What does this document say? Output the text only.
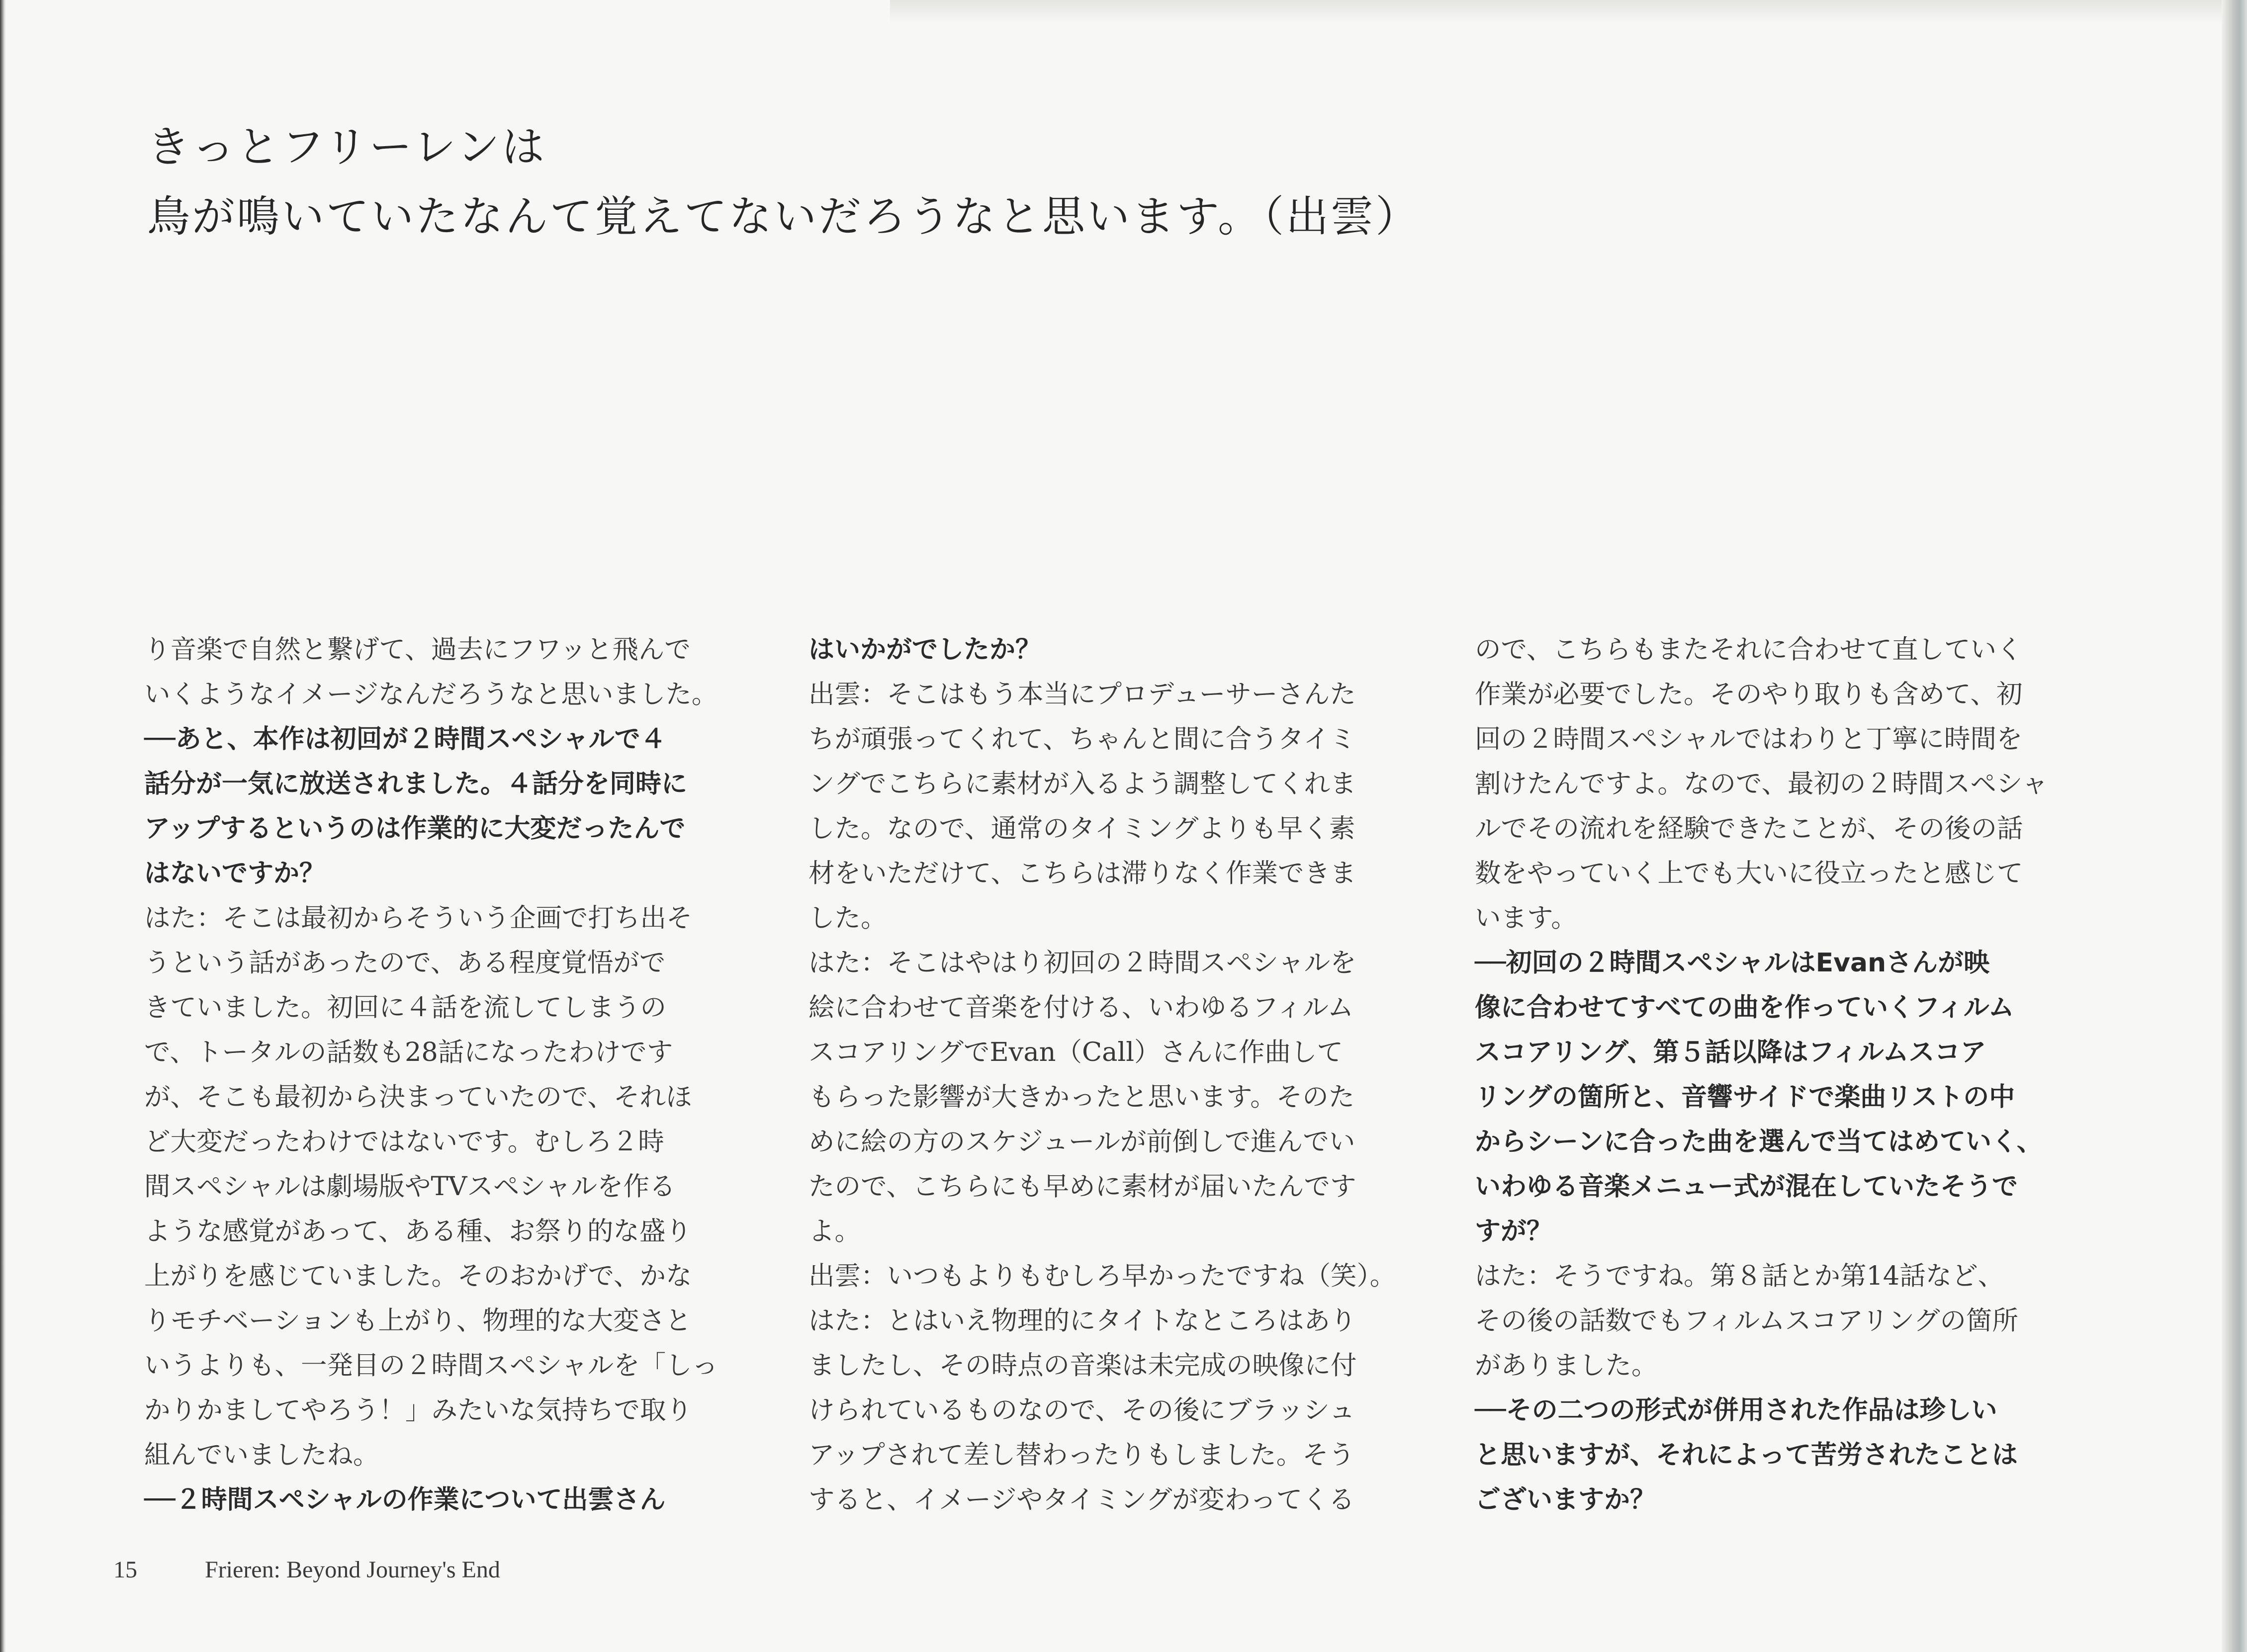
きっとフリーレンは
鳥が鳴いていたなんて覚えてないだろうなと思います。（出雲）

り音楽で自然と繋げて、過去にフワッと飛んで

いくようなイメージなんだろうなと思いました。

──あと、本作は初回が２時間スペシャルで４

話分が一気に放送されました。４話分を同時に

アップするというのは作業的に大変だったんで

はないですか？

はた：そこは最初からそういう企画で打ち出そ

うという話があったので、ある程度覚悟がで

きていました。初回に４話を流してしまうの

で、トータルの話数も28話になったわけです

が、そこも最初から決まっていたので、それほ

ど大変だったわけではないです。むしろ２時

間スペシャルは劇場版やTVスペシャルを作る

ような感覚があって、ある種、お祭り的な盛り

上がりを感じていました。そのおかげで、かな

りモチベーションも上がり、物理的な大変さと

いうよりも、一発目の２時間スペシャルを「しっ

かりかましてやろう！」みたいな気持ちで取り

組んでいましたね。

──２時間スペシャルの作業について出雲さん

はいかがでしたか？

出雲：そこはもう本当にプロデューサーさんた

ちが頑張ってくれて、ちゃんと間に合うタイミ

ングでこちらに素材が入るよう調整してくれま

した。なので、通常のタイミングよりも早く素

材をいただけて、こちらは滞りなく作業できま

した。

はた：そこはやはり初回の２時間スペシャルを

絵に合わせて音楽を付ける、いわゆるフィルム

スコアリングでEvan（Call）さんに作曲して

もらった影響が大きかったと思います。そのた

めに絵の方のスケジュールが前倒しで進んでい

たので、こちらにも早めに素材が届いたんです

よ。

出雲：いつもよりもむしろ早かったですね（笑）。

はた：とはいえ物理的にタイトなところはあり

ましたし、その時点の音楽は未完成の映像に付

けられているものなので、その後にブラッシュ

アップされて差し替わったりもしました。そう

すると、イメージやタイミングが変わってくる

ので、こちらもまたそれに合わせて直していく

作業が必要でした。そのやり取りも含めて、初

回の２時間スペシャルではわりと丁寧に時間を

割けたんですよ。なので、最初の２時間スペシャ

ルでその流れを経験できたことが、その後の話

数をやっていく上でも大いに役立ったと感じて

います。

──初回の２時間スペシャルはEvanさんが映

像に合わせてすべての曲を作っていくフィルム

スコアリング、第５話以降はフィルムスコア

リングの箇所と、音響サイドで楽曲リストの中

からシーンに合った曲を選んで当てはめていく、

いわゆる音楽メニュー式が混在していたそうで

すが？

はた：そうですね。第８話とか第14話など、

その後の話数でもフィルムスコアリングの箇所

がありました。

──その二つの形式が併用された作品は珍しい

と思いますが、それによって苦労されたことは

ございますか？

15	Frieren: Beyond Journey's End
